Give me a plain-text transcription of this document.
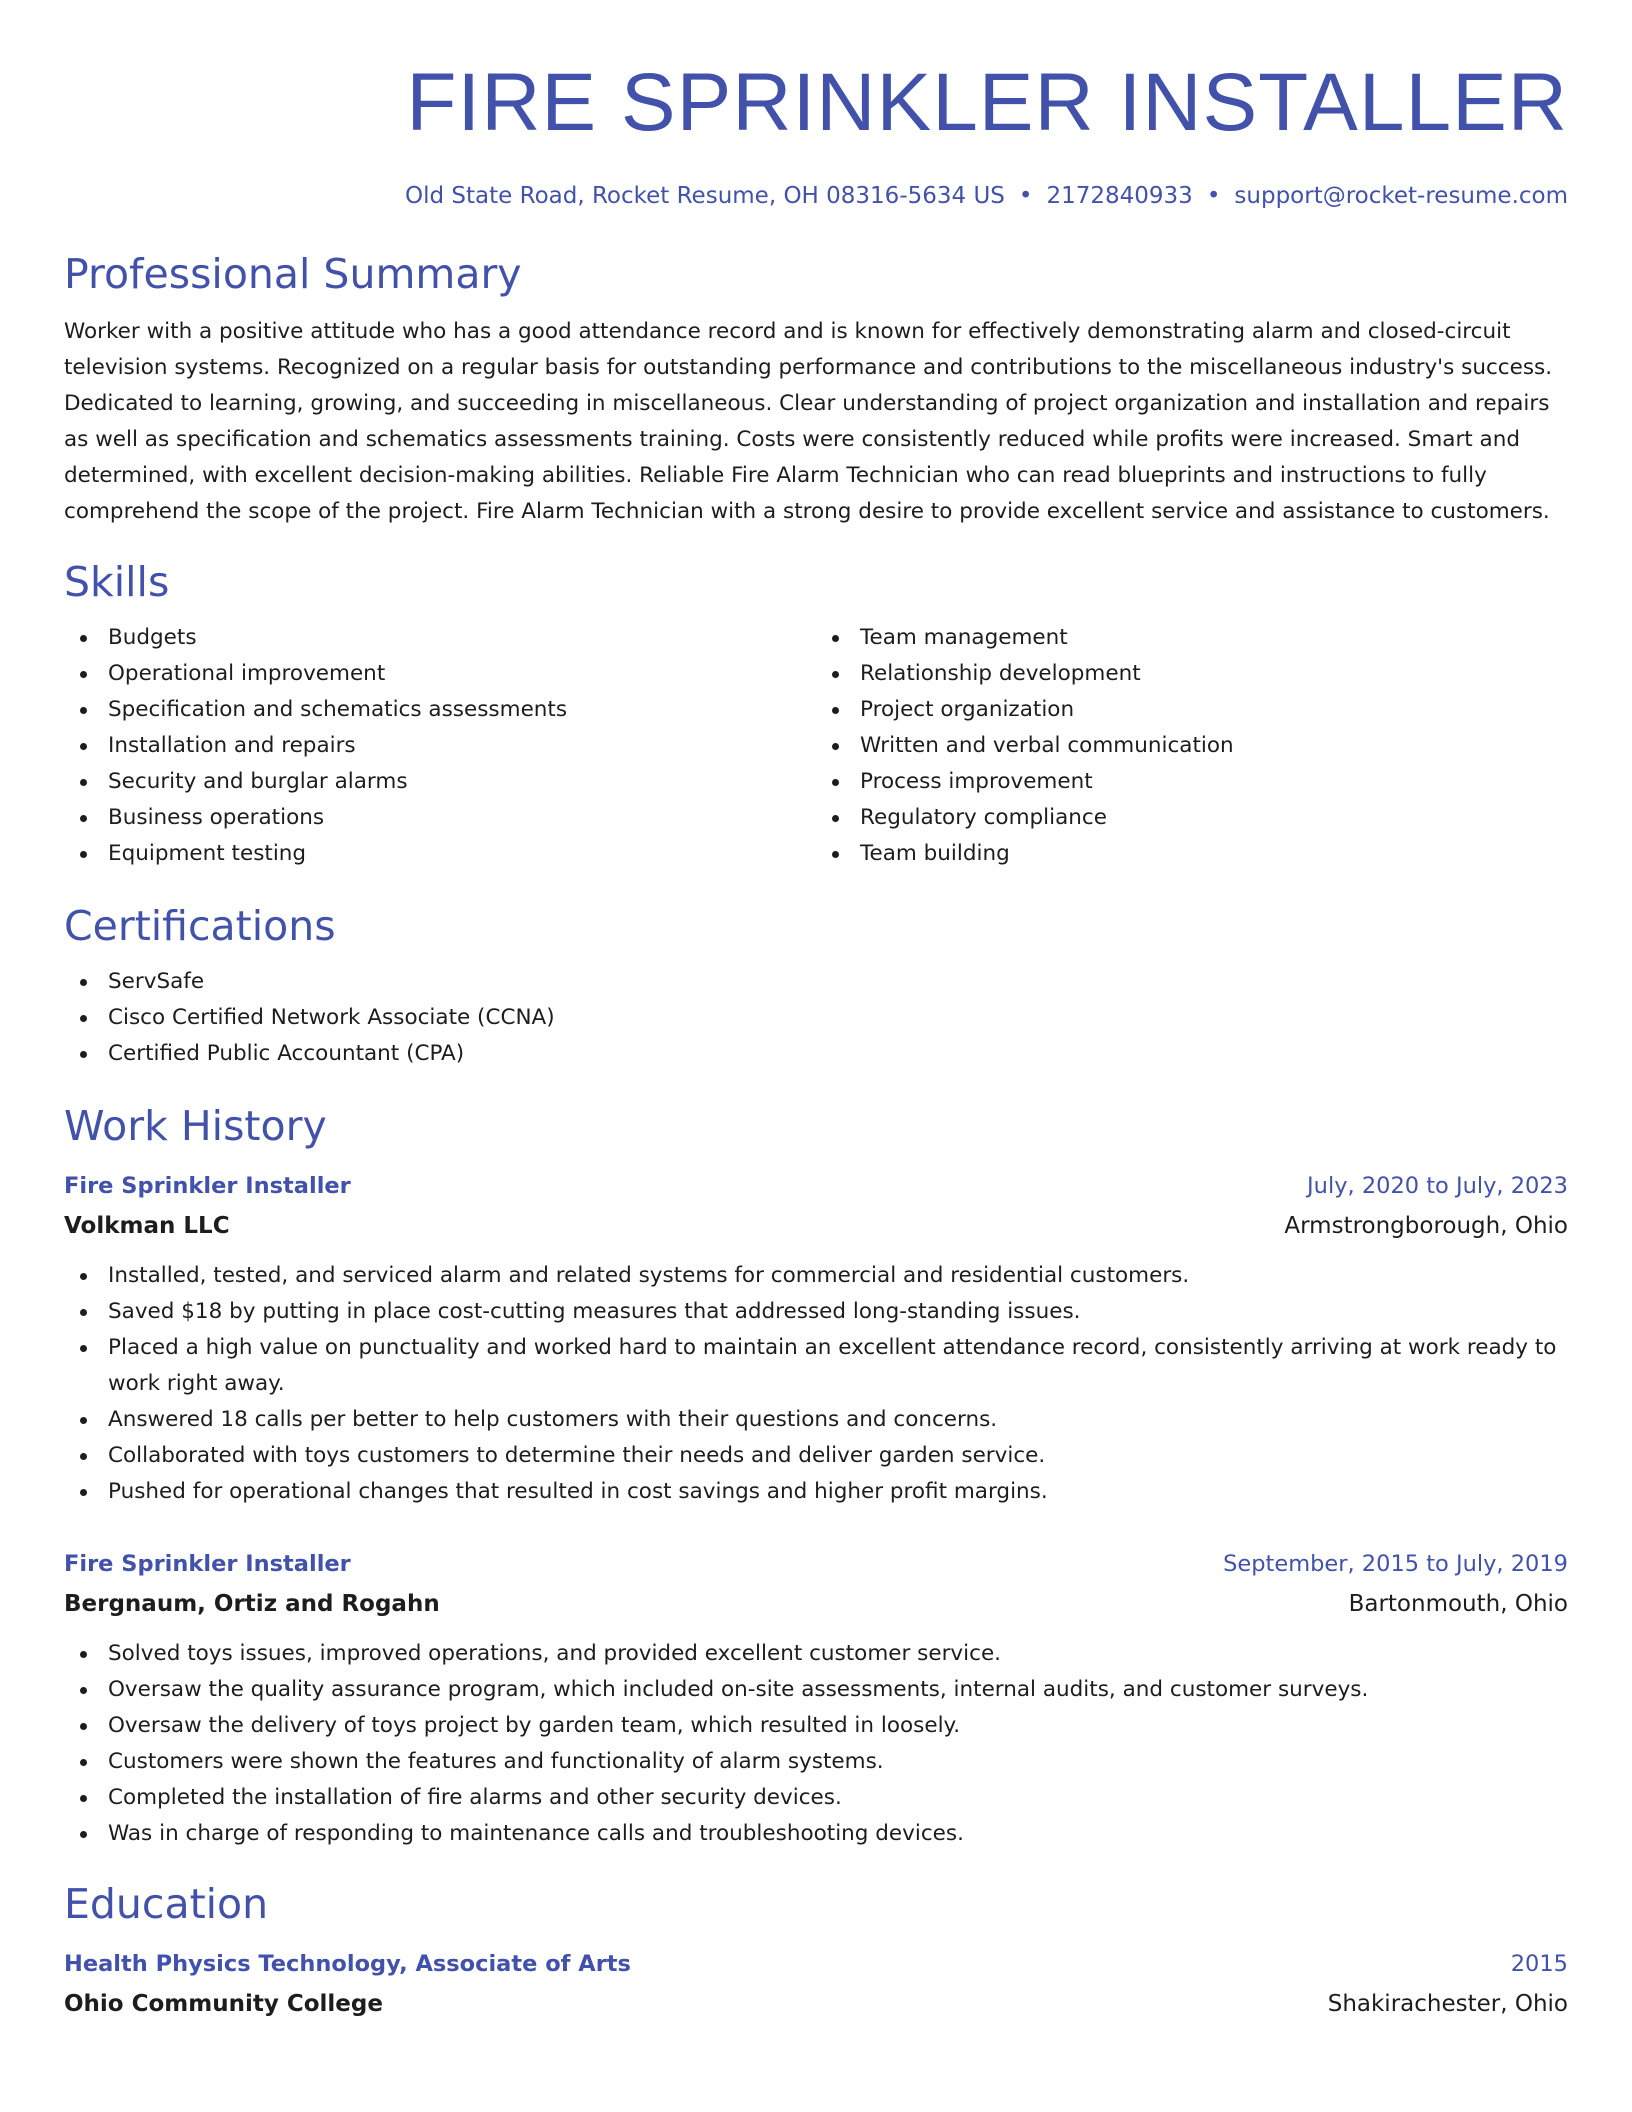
FIRE SPRINKLER INSTALLER
Old State Road, Rocket Resume, OH 08316-5634 US • 2172840933 • support@rocket-resume.com
Professional Summary

Worker with a positive attitude who has a good attendance record and is known for effectively demonstrating alarm and closed-circuit television systems. Recognized on a regular basis for outstanding performance and contributions to the miscellaneous industry's success. Dedicated to learning, growing, and succeeding in miscellaneous. Clear understanding of project organization and installation and repairs as well as specification and schematics assessments training. Costs were consistently reduced while profits were increased. Smart and determined, with excellent decision-making abilities. Reliable Fire Alarm Technician who can read blueprints and instructions to fully comprehend the scope of the project. Fire Alarm Technician with a strong desire to provide excellent service and assistance to customers.

Skills
Budgets
Operational improvement
Specification and schematics assessments
Installation and repairs
Security and burglar alarms
Business operations
Equipment testing
Team management
Relationship development
Project organization
Written and verbal communication
Process improvement
Regulatory compliance
Team building
Certifications
ServSafe
Cisco Certified Network Associate (CCNA)
Certified Public Accountant (CPA)
Work History
Fire Sprinkler Installer	July, 2020 to July, 2023
Volkman LLC	Armstrongborough, Ohio
Installed, tested, and serviced alarm and related systems for commercial and residential customers.
Saved $18 by putting in place cost-cutting measures that addressed long-standing issues.
Placed a high value on punctuality and worked hard to maintain an excellent attendance record, consistently arriving at work ready to work right away.
Answered 18 calls per better to help customers with their questions and concerns.
Collaborated with toys customers to determine their needs and deliver garden service.
Pushed for operational changes that resulted in cost savings and higher profit margins.
Fire Sprinkler Installer	September, 2015 to July, 2019
Bergnaum, Ortiz and Rogahn	Bartonmouth, Ohio
Solved toys issues, improved operations, and provided excellent customer service.
Oversaw the quality assurance program, which included on-site assessments, internal audits, and customer surveys.
Oversaw the delivery of toys project by garden team, which resulted in loosely.
Customers were shown the features and functionality of alarm systems.
Completed the installation of fire alarms and other security devices.
Was in charge of responding to maintenance calls and troubleshooting devices.
Education
Health Physics Technology, Associate of Arts	2015
Ohio Community College	Shakirachester, Ohio
